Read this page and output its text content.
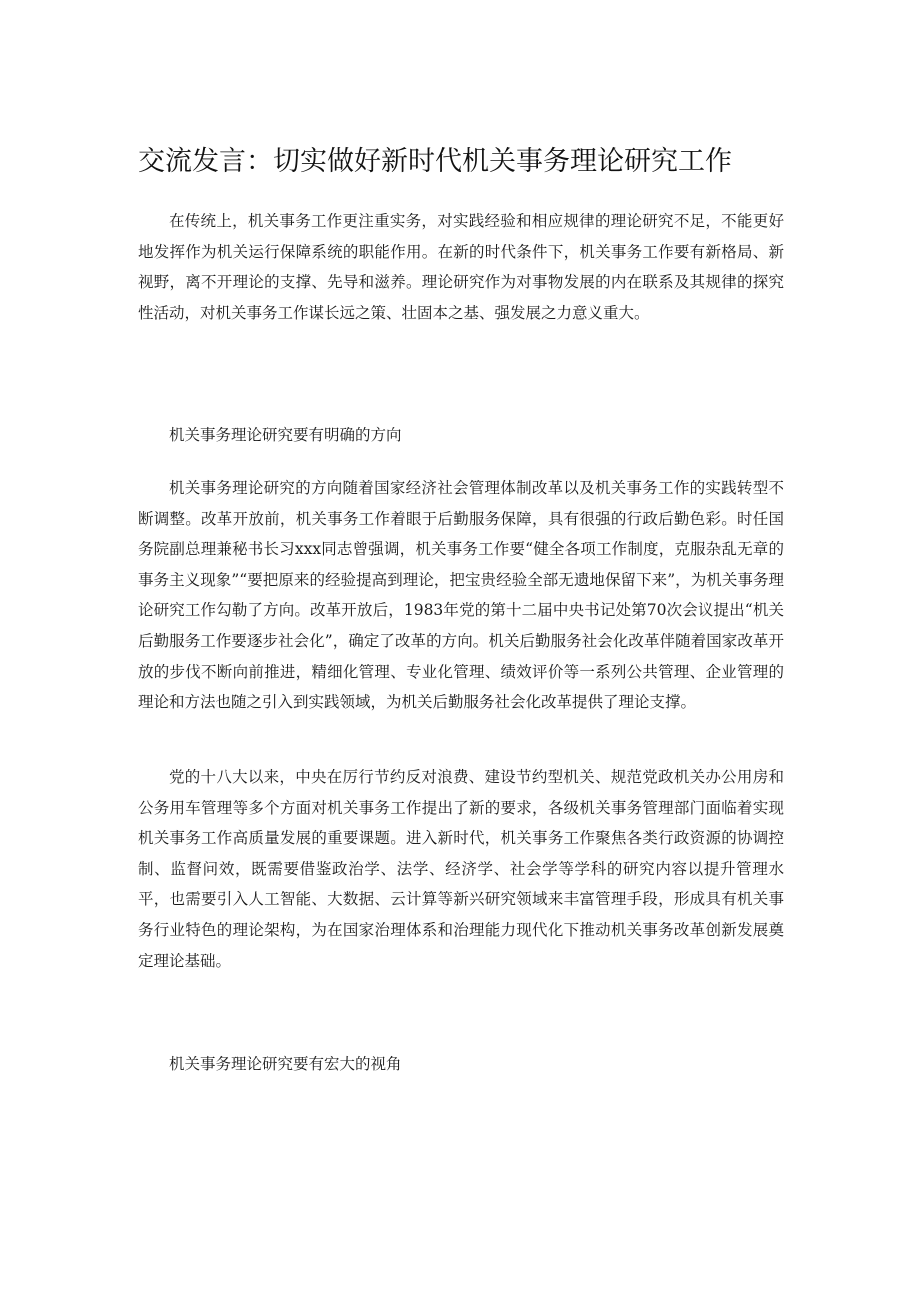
交流发言：切实做好新时代机关事务理论研究工作

在传统上，机关事务工作更注重实务，对实践经验和相应规律的理论研究不足，不能更好地发挥作为机关运行保障系统的职能作用。在新的时代条件下，机关事务工作要有新格局、新视野，离不开理论的支撑、先导和滋养。理论研究作为对事物发展的内在联系及其规律的探究性活动，对机关事务工作谋长远之策、壮固本之基、强发展之力意义重大。

机关事务理论研究要有明确的方向

机关事务理论研究的方向随着国家经济社会管理体制改革以及机关事务工作的实践转型不断调整。改革开放前，机关事务工作着眼于后勤服务保障，具有很强的行政后勤色彩。时任国务院副总理兼秘书长习xxx同志曾强调，机关事务工作要“健全各项工作制度，克服杂乱无章的事务主义现象”“要把原来的经验提高到理论，把宝贵经验全部无遗地保留下来”，为机关事务理论研究工作勾勒了方向。改革开放后，1983年党的第十二届中央书记处第70次会议提出“机关后勤服务工作要逐步社会化”，确定了改革的方向。机关后勤服务社会化改革伴随着国家改革开放的步伐不断向前推进，精细化管理、专业化管理、绩效评价等一系列公共管理、企业管理的理论和方法也随之引入到实践领域，为机关后勤服务社会化改革提供了理论支撑。

党的十八大以来，中央在厉行节约反对浪费、建设节约型机关、规范党政机关办公用房和公务用车管理等多个方面对机关事务工作提出了新的要求，各级机关事务管理部门面临着实现机关事务工作高质量发展的重要课题。进入新时代，机关事务工作聚焦各类行政资源的协调控制、监督问效，既需要借鉴政治学、法学、经济学、社会学等学科的研究内容以提升管理水平，也需要引入人工智能、大数据、云计算等新兴研究领域来丰富管理手段，形成具有机关事务行业特色的理论架构，为在国家治理体系和治理能力现代化下推动机关事务改革创新发展奠定理论基础。

机关事务理论研究要有宏大的视角
